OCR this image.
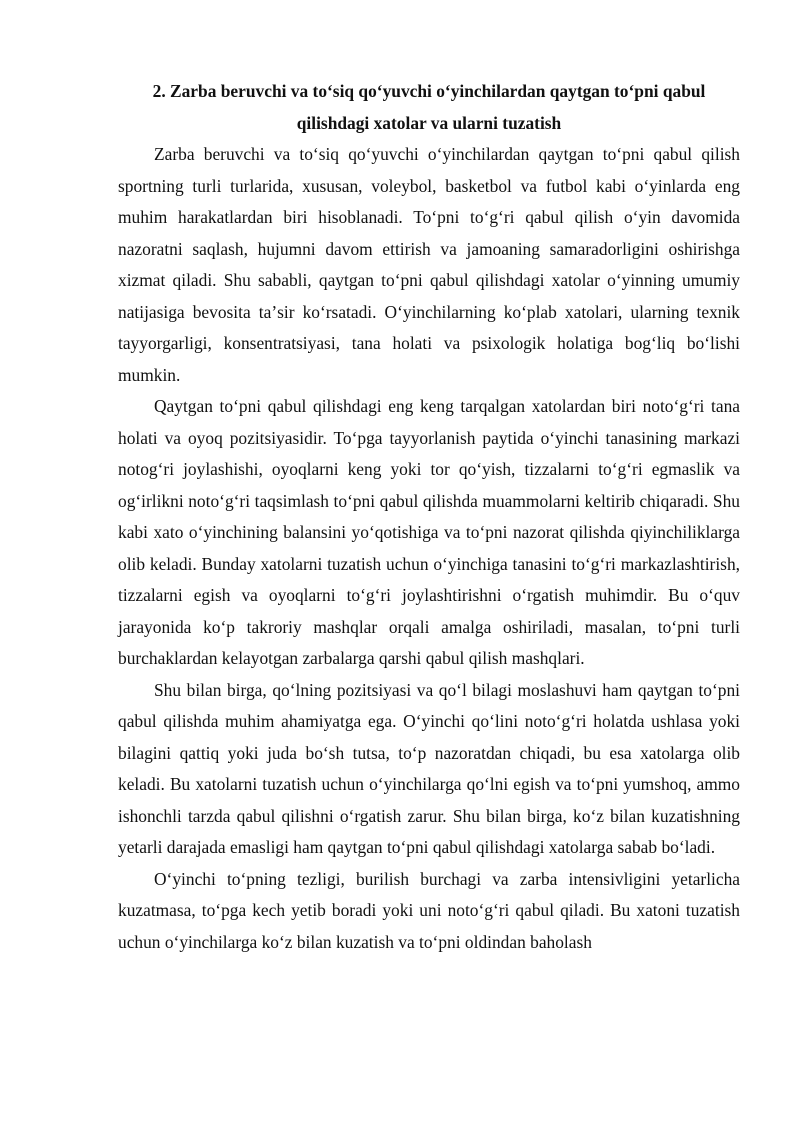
2. Zarba beruvchi va toʻsiq qoʻyuvchi oʻyinchilardan qaytgan toʻpni qabul qilishdagi xatolar va ularni tuzatish

Zarba beruvchi va toʻsiq qoʻyuvchi oʻyinchilardan qaytgan toʻpni qabul qilish sportning turli turlarida, xususan, voleybol, basketbol va futbol kabi oʻyinlarda eng muhim harakatlardan biri hisoblanadi. Toʻpni toʻgʻri qabul qilish oʻyin davomida nazoratni saqlash, hujumni davom ettirish va jamoaning samaradorligini oshirishga xizmat qiladi. Shu sababli, qaytgan toʻpni qabul qilishdagi xatolar oʻyinning umumiy natijasiga bevosita taʼsir koʻrsatadi. Oʻyinchilarning koʻplab xatolari, ularning texnik tayyorgarligi, konsentratsiyasi, tana holati va psixologik holatiga bogʻliq boʻlishi mumkin.

Qaytgan toʻpni qabul qilishdagi eng keng tarqalgan xatolardan biri notoʻgʻri tana holati va oyoq pozitsiyasidir. Toʻpga tayyorlanish paytida oʻyinchi tanasining markazi notogʻri joylashishi, oyoqlarni keng yoki tor qoʻyish, tizzalarni toʻgʻri egmaslik va ogʻirlikni notoʻgʻri taqsimlash toʻpni qabul qilishda muammolarni keltirib chiqaradi. Shu kabi xato oʻyinchining balansini yoʻqotishiga va toʻpni nazorat qilishda qiyinchiliklarga olib keladi. Bunday xatolarni tuzatish uchun oʻyinchiga tanasini toʻgʻri markazlashtirish, tizzalarni egish va oyoqlarni toʻgʻri joylashtirishni oʻrgatish muhimdir. Bu oʻquv jarayonida koʻp takroriy mashqlar orqali amalga oshiriladi, masalan, toʻpni turli burchaklardan kelayotgan zarbalarga qarshi qabul qilish mashqlari.

Shu bilan birga, qoʻlning pozitsiyasi va qoʻl bilagi moslashuvi ham qaytgan toʻpni qabul qilishda muhim ahamiyatga ega. Oʻyinchi qoʻlini notoʻgʻri holatda ushlasa yoki bilagini qattiq yoki juda boʻsh tutsa, toʻp nazoratdan chiqadi, bu esa xatolarga olib keladi. Bu xatolarni tuzatish uchun oʻyinchilarga qoʻlni egish va toʻpni yumshoq, ammo ishonchli tarzda qabul qilishni oʻrgatish zarur. Shu bilan birga, koʻz bilan kuzatishning yetarli darajada emasligi ham qaytgan toʻpni qabul qilishdagi xatolarga sabab boʻladi.

Oʻyinchi toʻpning tezligi, burilish burchagi va zarba intensivligini yetarlicha kuzatmasa, toʻpga kech yetib boradi yoki uni notoʻgʻri qabul qiladi. Bu xatoni tuzatish uchun oʻyinchilarga koʻz bilan kuzatish va toʻpni oldindan baholash
